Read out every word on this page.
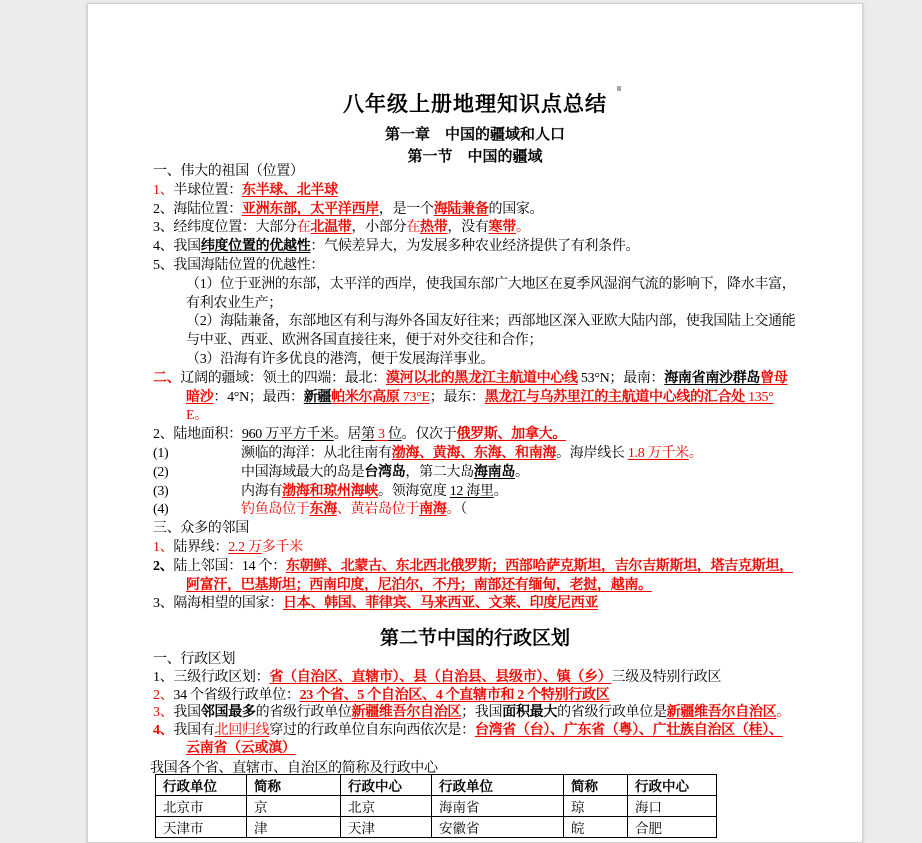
八年级上册地理知识点总结
第一章　中国的疆域和人口
第一节　中国的疆域
一、伟大的祖国（位置）
1、半球位置：东半球、北半球
2、海陆位置：亚洲东部，太平洋西岸，是一个海陆兼备的国家。
3、经纬度位置：大部分在北温带，小部分在热带，没有寒带。
4、我国纬度位置的优越性：气候差异大，为发展多种农业经济提供了有利条件。
5、我国海陆位置的优越性：
（1）位于亚洲的东部，太平洋的西岸，使我国东部广大地区在夏季风湿润气流的影响下，降水丰富，
有利农业生产；
（2）海陆兼备，东部地区有利与海外各国友好往来；西部地区深入亚欧大陆内部，使我国陆上交通能
与中亚、西亚、欧洲各国直接往来，便于对外交往和合作；
（3）沿海有许多优良的港湾，便于发展海洋事业。
二、辽阔的疆域：领土的四端：最北：漠河以北的黑龙江主航道中心线 53°N；最南：海南省南沙群岛曾母
暗沙：4°N；最西：新疆帕米尔高原 73°E；最东：黑龙江与乌苏里江的主航道中心线的汇合处 135°
E。
2、陆地面积：960 万平方千米。居第 3 位。仅次于俄罗斯、加拿大。
(1)	濒临的海洋：从北往南有渤海、黄海、东海、和南海。海岸线长 1.8 万千米。
(2)	中国海域最大的岛是台湾岛，第二大岛海南岛。
(3)	内海有渤海和琼州海峡。领海宽度 12 海里。
(4)	钓鱼岛位于东海、黄岩岛位于南海。（
三、众多的邻国
1、陆界线：2.2 万多千米
2、陆上邻国：14 个：东朝鲜、北蒙古、东北西北俄罗斯；西部哈萨克斯坦，吉尔吉斯斯坦，塔吉克斯坦，
阿富汗，巴基斯坦；西南印度，尼泊尔，不丹；南部还有缅甸，老挝，越南。
3、隔海相望的国家：日本、韩国、菲律宾、马来西亚、文莱、印度尼西亚
第二节中国的行政区划
一、行政区划
1、三级行政区划：省（自治区、直辖市）、县（自治县、县级市）、镇（乡）三级及特别行政区
2、34 个省级行政单位：23 个省、5 个自治区、4 个直辖市和 2 个特别行政区
3、我国邻国最多的省级行政单位新疆维吾尔自治区；我国面积最大的省级行政单位是新疆维吾尔自治区。
4、我国有北回归线穿过的行政单位自东向西依次是：台湾省（台）、广东省（粤）、广壮族自治区（桂）、
云南省（云或滇）

我国各个省、直辖市、自治区的简称及行政中心

行政单位	简称	行政中心	行政单位	简称	行政中心
北京市	京	北京	海南省	琼	海口
天津市	津	天津	安徽省	皖	合肥
